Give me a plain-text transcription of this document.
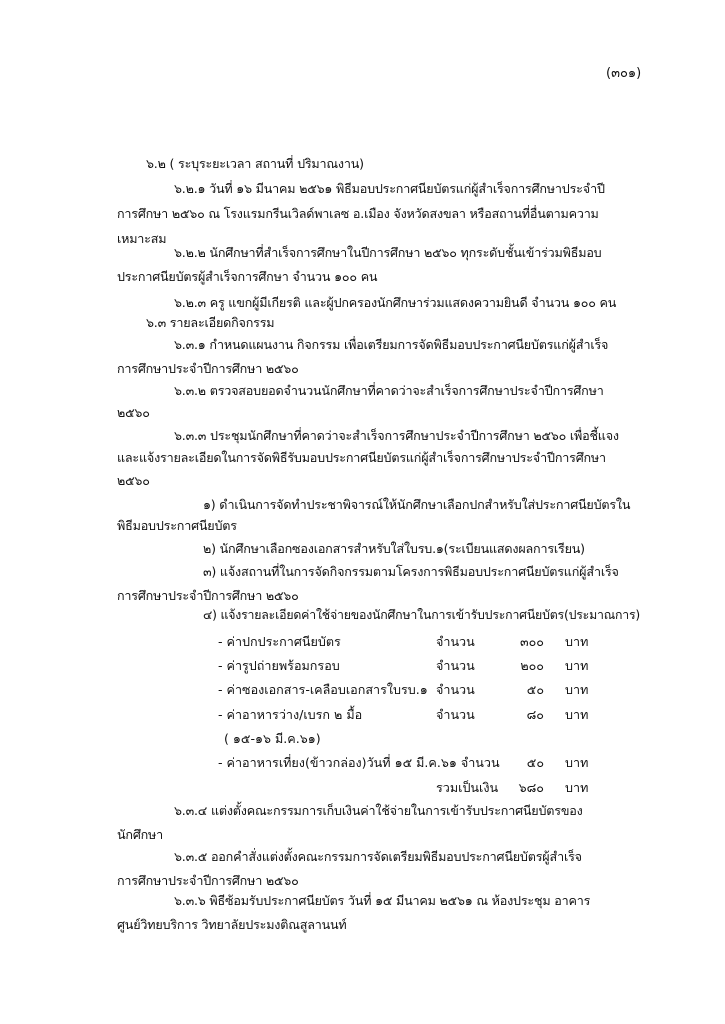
(๓๐๑)
๖.๒ ( ระบุระยะเวลา สถานที่ ปริมาณงาน)
๖.๒.๑ วันที่ ๑๖ มีนาคม ๒๕๖๑ พิธีมอบประกาศนียบัตรแก่ผู้สำเร็จการศึกษาประจำปี
การศึกษา ๒๕๖๐ ณ โรงแรมกรีนเวิลด์พาเลซ อ.เมือง จังหวัดสงขลา หรือสถานที่อื่นตามความ
เหมาะสม
๖.๒.๒ นักศึกษาที่สำเร็จการศึกษาในปีการศึกษา ๒๕๖๐ ทุกระดับชั้นเข้าร่วมพิธีมอบ
ประกาศนียบัตรผู้สำเร็จการศึกษา จำนวน ๑๐๐ คน
๖.๒.๓ ครู แขกผู้มีเกียรติ และผู้ปกครองนักศึกษาร่วมแสดงความยินดี จำนวน ๑๐๐ คน
๖.๓ รายละเอียดกิจกรรม
๖.๓.๑ กำหนดแผนงาน กิจกรรม เพื่อเตรียมการจัดพิธีมอบประกาศนียบัตรแก่ผู้สำเร็จ
การศึกษาประจำปีการศึกษา ๒๕๖๐
๖.๓.๒ ตรวจสอบยอดจำนวนนักศึกษาที่คาดว่าจะสำเร็จการศึกษาประจำปีการศึกษา
๒๕๖๐
๖.๓.๓ ประชุมนักศึกษาที่คาดว่าจะสำเร็จการศึกษาประจำปีการศึกษา ๒๕๖๐ เพื่อชี้แจง
และแจ้งรายละเอียดในการจัดพิธีรับมอบประกาศนียบัตรแก่ผู้สำเร็จการศึกษาประจำปีการศึกษา
๒๕๖๐
๑) ดำเนินการจัดทำประชาพิจารณ์ให้นักศึกษาเลือกปกสำหรับใส่ประกาศนียบัตรใน
พิธีมอบประกาศนียบัตร
๒) นักศึกษาเลือกซองเอกสารสำหรับใส่ใบรบ.๑(ระเบียนแสดงผลการเรียน)
๓) แจ้งสถานที่ในการจัดกิจกรรมตามโครงการพิธีมอบประกาศนียบัตรแก่ผู้สำเร็จ
การศึกษาประจำปีการศึกษา ๒๕๖๐
๔) แจ้งรายละเอียดค่าใช้จ่ายของนักศึกษาในการเข้ารับประกาศนียบัตร(ประมาณการ)
- ค่าปกประกาศนียบัตร	จำนวน	๓๐๐ บาท
- ค่ารูปถ่ายพร้อมกรอบ	จำนวน	๒๐๐ บาท
- ค่าซองเอกสาร-เคลือบเอกสารใบรบ.๑ จำนวน	๕๐ บาท
- ค่าอาหารว่าง/เบรก ๒ มื้อ	จำนวน	๘๐ บาท
( ๑๕-๑๖ มี.ค.๖๑)
- ค่าอาหารเที่ยง(ข้าวกล่อง)วันที่ ๑๕ มี.ค.๖๑ จำนวน	๕๐ บาท
รวมเป็นเงิน	๖๘๐ บาท
๖.๓.๔ แต่งตั้งคณะกรรมการเก็บเงินค่าใช้จ่ายในการเข้ารับประกาศนียบัตรของ
นักศึกษา
๖.๓.๕ ออกคำสั่งแต่งตั้งคณะกรรมการจัดเตรียมพิธีมอบประกาศนียบัตรผู้สำเร็จ
การศึกษาประจำปีการศึกษา ๒๕๖๐
๖.๓.๖ พิธีซ้อมรับประกาศนียบัตร วันที่ ๑๕ มีนาคม ๒๕๖๑ ณ ห้องประชุม อาคาร
ศูนย์วิทยบริการ วิทยาลัยประมงติณสูลานนท์
